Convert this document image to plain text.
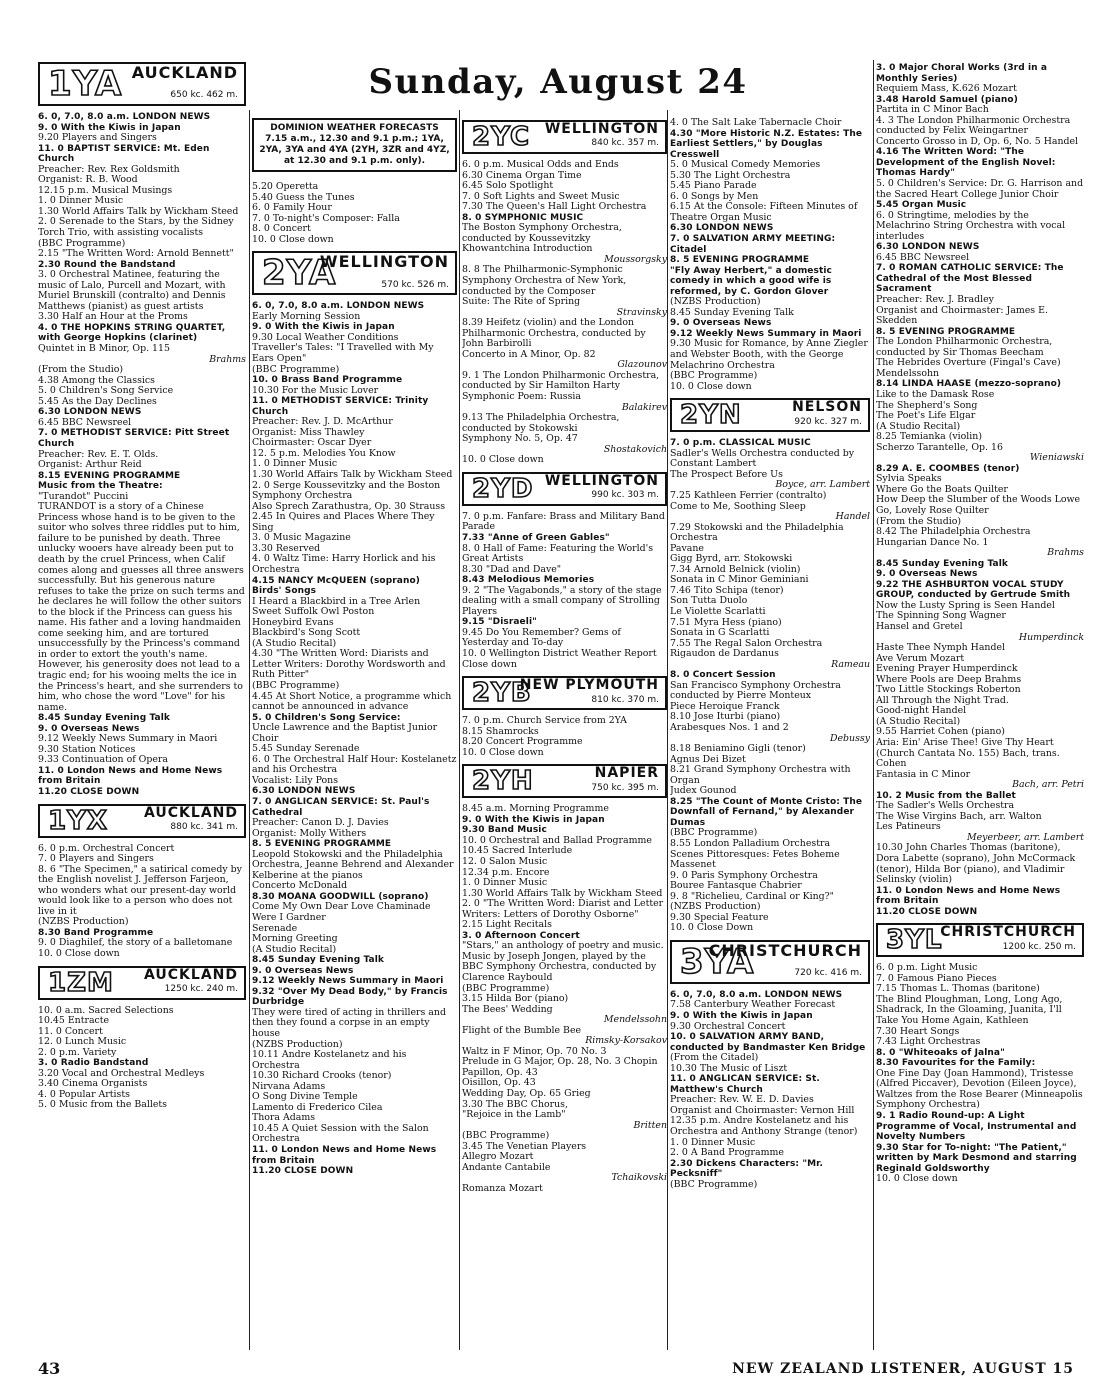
Sunday, August 24
1YA AUCKLAND
650 kc. 462 m.
6. 0, 7.0, 8.0 a.m. LONDON NEWS
9. 0 With the Kiwis in Japan
9.20 Players and Singers
11. 0 BAPTIST SERVICE: Mt. Eden Church
Preacher: Rev. Rex Goldsmith
Organist: R. B. Wood
12.15 p.m. Musical Musings
1. 0 Dinner Music
1.30 World Affairs Talk by Wickham Steed
2. 0 Serenade to the Stars, by the Sidney Torch Trio, with assisting vocalists
(BBC Programme)
2.15 "The Written Word: Arnold Bennett"
2.30 Round the Bandstand
3. 0 Orchestral Matinee, featuring the music of Lalo, Purcell and Mozart, with Muriel Brunskill (contralto) and Dennis Matthews (pianist) as guest artists
3.30 Half an Hour at the Proms
4. 0 THE HOPKINS STRING QUARTET, with George Hopkins (clarinet)
Quintet in B Minor, Op. 115
Brahms
(From the Studio)
4.38 Among the Classics
5. 0 Children's Song Service
5.45 As the Day Declines
6.30 LONDON NEWS
6.45 BBC Newsreel
7. 0 METHODIST SERVICE: Pitt Street Church
Preacher: Rev. E. T. Olds.
Organist: Arthur Reid
8.15 EVENING PROGRAMME
Music from the Theatre:
"Turandot" Puccini
TURANDOT is a story of a Chinese Princess whose hand is to be given to the suitor who solves three riddles put to him, failure to be punished by death. Three unlucky wooers have already been put to death by the cruel Princess, when Calif comes along and guesses all three answers successfully. But his generous nature refuses to take the prize on such terms and he declares he will follow the other suitors to the block if the Princess can guess his name. His father and a loving handmaiden come seeking him, and are tortured unsuccessfully by the Princess's command in order to extort the youth's name. However, his generosity does not lead to a tragic end; for his wooing melts the ice in the Princess's heart, and she surrenders to him, who chose the word "Love" for his name.
8.45 Sunday Evening Talk
9. 0 Overseas News
9.12 Weekly News Summary in Maori
9.30 Station Notices
9.33 Continuation of Opera
11. 0 London News and Home News from Britain
11.20 CLOSE DOWN
1YX	AUCKLAND
880 kc. 341 m.
6. 0 p.m. Orchestral Concert
7. 0 Players and Singers
8. 6 "The Specimen," a satirical comedy by the English novelist J. Jefferson Farjeon, who wonders what our present-day world would look like to a person who does not live in it
(NZBS Production)
8.30 Band Programme
9. 0 Diaghilef, the story of a balletomane
10. 0 Close down
1ZM AUCKLAND
1250 kc. 240 m.
10. 0 a.m. Sacred Selections
10.45 Entracte
11. 0 Concert
12. 0 Lunch Music
2. 0 p.m. Variety
3. 0 Radio Bandstand
3.20 Vocal and Orchestral Medleys
3.40 Cinema Organists
4. 0 Popular Artists
5. 0 Music from the Ballets
DOMINION WEATHER FORECASTS
7.15 a.m., 12.30 and 9.1 p.m.; 1YA, 2YA, 3YA and 4YA (2YH, 3ZR and 4YZ, at 12.30 and 9.1 p.m. only).
5.20 Operetta
5.40 Guess the Tunes
6. 0 Family Hour
7. 0 To-night's Composer: Falla
8. 0 Concert
10. 0 Close down
2YA
WELLINGTON
570 kc. 526 m.
6. 0, 7.0, 8.0 a.m. LONDON NEWS
Early Morning Session
9. 0 With the Kiwis in Japan
9.30 Local Weather Conditions
Traveller's Tales: "I Travelled with My Ears Open"
(BBC Programme)
10. 0 Brass Band Programme
10.30 For the Music Lover
11. 0 METHODIST SERVICE: Trinity Church
Preacher: Rev. J. D. McArthur
Organist: Miss Thawley
Choirmaster: Oscar Dyer
12. 5 p.m. Melodies You Know
1. 0 Dinner Music
1.30 World Affairs Talk by Wickham Steed
2. 0 Serge Koussevitzky and the Boston Symphony Orchestra
Also Sprech Zarathustra, Op. 30 Strauss
2.45 In Quires and Places Where They Sing
3. 0 Music Magazine
3.30 Reserved
4. 0 Waltz Time: Harry Horlick and his Orchestra
4.15 NANCY McQUEEN (soprano)
Birds' Songs
I Heard a Blackbird in a Tree Arlen
Sweet Suffolk Owl Poston
Honeybird Evans
Blackbird's Song Scott
(A Studio Recital)
4.30 "The Written Word: Diarists and Letter Writers: Dorothy Wordsworth and Ruth Pitter"
(BBC Programme)
4.45 At Short Notice, a programme which cannot be announced in advance
5. 0 Children's Song Service:
Uncle Lawrence and the Baptist Junior Choir
5.45 Sunday Serenade
6. 0 The Orchestral Half Hour: Kostelanetz and his Orchestra
Vocalist: Lily Pons
6.30 LONDON NEWS
7. 0 ANGLICAN SERVICE: St. Paul's Cathedral
Preacher: Canon D. J. Davies
Organist: Molly Withers
8. 5 EVENING PROGRAMME
Leopold Stokowski and the Philadelphia Orchestra, Jeanne Behrend and Alexander Kelberine at the pianos
Concerto McDonald
8.30 MOANA GOODWILL (soprano)
Come My Own Dear Love Chaminade
Were I Gardner
Serenade
Morning Greeting
(A Studio Recital)
8.45 Sunday Evening Talk
9. 0 Overseas News
9.12 Weekly News Summary in Maori
9.32 "Over My Dead Body," by Francis Durbridge
They were tired of acting in thrillers and then they found a corpse in an empty house
(NZBS Production)
10.11 Andre Kostelanetz and his Orchestra
10.30 Richard Crooks (tenor)
Nirvana Adams
O Song Divine Temple
Lamento di Frederico Cilea
Thora Adams
10.45 A Quiet Session with the Salon Orchestra
11. 0 London News and Home News from Britain
11.20 CLOSE DOWN
2YC WELLINGTON
840 kc. 357 m.
6. 0 p.m. Musical Odds and Ends
6.30 Cinema Organ Time
6.45 Solo Spotlight
7. 0 Soft Lights and Sweet Music
7.30 The Queen's Hall Light Orchestra
8. 0 SYMPHONIC MUSIC
The Boston Symphony Orchestra, conducted by Koussevitzky
Khowantchina Introduction
Moussorgsky
8. 8 The Philharmonic-Symphonic Symphony Orchestra of New York, conducted by the Composer
Suite: The Rite of Spring
Stravinsky
8.39 Heifetz (violin) and the London Philharmonic Orchestra, conducted by John Barbirolli
Concerto in A Minor, Op. 82
Glazounov
9. 1 The London Philharmonic Orchestra, conducted by Sir Hamilton Harty
Symphonic Poem: Russia
Balakirev
9.13 The Philadelphia Orchestra, conducted by Stokowski
Symphony No. 5, Op. 47
Shostakovich
10. 0 Close down
2YD WELLINGTON
990 kc. 303 m.
7. 0 p.m. Fanfare: Brass and Military Band Parade
7.33 "Anne of Green Gables"
8. 0 Hall of Fame: Featuring the World's Great Artists
8.30 "Dad and Dave"
8.43 Melodious Memories
9. 2 "The Vagabonds," a story of the stage dealing with a small company of Strolling Players
9.15 "Disraeli"
9.45 Do You Remember? Gems of Yesterday and To-day
10. 0 Wellington District Weather Report
Close down
2YB
NEW PLYMOUTH
810 kc. 370 m.
7. 0 p.m. Church Service from 2YA
8.15 Shamrocks
8.20 Concert Programme
10. 0 Close down
2YH	NAPIER
750 kc. 395 m.
8.45 a.m. Morning Programme
9. 0 With the Kiwis in Japan
9.30 Band Music
10. 0 Orchestral and Ballad Programme
10.45 Sacred Interlude
12. 0 Salon Music
12.34 p.m. Encore
1. 0 Dinner Music
1.30 World Affairs Talk by Wickham Steed
2. 0 "The Written Word: Diarist and Letter Writers: Letters of Dorothy Osborne"
2.15 Light Recitals
3. 0 Afternoon Concert
"Stars," an anthology of poetry and music. Music by Joseph Jongen, played by the BBC Symphony Orchestra, conducted by Clarence Raybould
(BBC Programme)
3.15 Hilda Bor (piano)
The Bees' Wedding
Mendelssohn
Flight of the Bumble Bee
Rimsky-Korsakov
Waltz in F Minor, Op. 70 No. 3
Prelude in G Major, Op. 28, No. 3 Chopin
Papillon, Op. 43
Oisillon, Op. 43
Wedding Day, Op. 65 Grieg
3.30 The BBC Chorus,
"Rejoice in the Lamb"
Britten
(BBC Programme)
3.45 The Venetian Players
Allegro Mozart
Andante Cantabile
Tchaikovski
Romanza Mozart
4. 0 The Salt Lake Tabernacle Choir
4.30 "More Historic N.Z. Estates: The Earliest Settlers," by Douglas Cresswell
5. 0 Musical Comedy Memories
5.30 The Light Orchestra
5.45 Piano Parade
6. 0 Songs by Men
6.15 At the Console: Fifteen Minutes of Theatre Organ Music
6.30 LONDON NEWS
7. 0 SALVATION ARMY MEETING: Citadel
8. 5 EVENING PROGRAMME
"Fly Away Herbert," a domestic comedy in which a good wife is reformed, by C. Gordon Glover
(NZBS Production)
8.45 Sunday Evening Talk
9. 0 Overseas News
9.12 Weekly News Summary in Maori
9.30 Music for Romance, by Anne Ziegler and Webster Booth, with the George Melachrino Orchestra
(BBC Programme)
10. 0 Close down
2YN	NELSON
920 kc. 327 m.
7. 0 p.m. CLASSICAL MUSIC
Sadler's Wells Orchestra conducted by Constant Lambert
The Prospect Before Us
Boyce, arr. Lambert
7.25 Kathleen Ferrier (contralto)
Come to Me, Soothing Sleep
Handel
7.29 Stokowski and the Philadelphia Orchestra
Pavane
Gigg Byrd, arr. Stokowski
7.34 Arnold Belnick (violin)
Sonata in C Minor Geminiani
7.46 Tito Schipa (tenor)
Son Tutta Duolo
Le Violette Scarlatti
7.51 Myra Hess (piano)
Sonata in G Scarlatti
7.55 The Regal Salon Orchestra
Rigaudon de Dardanus
Rameau
8. 0 Concert Session
San Francisco Symphony Orchestra conducted by Pierre Monteux
Piece Heroique Franck
8.10 Jose Iturbi (piano)
Arabesques Nos. 1 and 2
Debussy
8.18 Beniamino Gigli (tenor)
Agnus Dei Bizet
8.21 Grand Symphony Orchestra with Organ
Judex Gounod
8.25 "The Count of Monte Cristo: The Downfall of Fernand," by Alexander Dumas
(BBC Programme)
8.55 London Palladium Orchestra
Scenes Pittoresques: Fetes Boheme Massenet
9. 0 Paris Symphony Orchestra
Bouree Fantasque Chabrier
9. 8 "Richelieu, Cardinal or King?"
(NZBS Production)
9.30 Special Feature
10. 0 Close Down
3YA
CHRISTCHURCH
720 kc. 416 m.
6. 0, 7.0, 8.0 a.m. LONDON NEWS
7.58 Canterbury Weather Forecast
9. 0 With the Kiwis in Japan
9.30 Orchestral Concert
10. 0 SALVATION ARMY BAND, conducted by Bandmaster Ken Bridge
(From the Citadel)
10.30 The Music of Liszt
11. 0 ANGLICAN SERVICE: St. Matthew's Church
Preacher: Rev. W. E. D. Davies
Organist and Choirmaster: Vernon Hill
12.35 p.m. Andre Kostelanetz and his Orchestra and Anthony Strange (tenor)
1. 0 Dinner Music
2. 0 A Band Programme
2.30 Dickens Characters: "Mr. Pecksniff"
(BBC Programme)
3. 0 Major Choral Works (3rd in a Monthly Series)
Requiem Mass, K.626 Mozart
3.48 Harold Samuel (piano)
Partita in C Minor Bach
4. 3 The London Philharmonic Orchestra conducted by Felix Weingartner
Concerto Grosso in D, Op. 6, No. 5 Handel
4.16 The Written Word: "The Development of the English Novel: Thomas Hardy"
5. 0 Children's Service: Dr. G. Harrison and the Sacred Heart College Junior Choir
5.45 Organ Music
6. 0 Stringtime, melodies by the Melachrino String Orchestra with vocal interludes
6.30 LONDON NEWS
6.45 BBC Newsreel
7. 0 ROMAN CATHOLIC SERVICE: The Cathedral of the Most Blessed Sacrament
Preacher: Rev. J. Bradley
Organist and Choirmaster: James E. Skedden
8. 5 EVENING PROGRAMME
The London Philharmonic Orchestra, conducted by Sir Thomas Beecham
The Hebrides Overture (Fingal's Cave) Mendelssohn
8.14 LINDA HAASE (mezzo-soprano)
Like to the Damask Rose
The Shepherd's Song
The Poet's Life Elgar
(A Studio Recital)
8.25 Temianka (violin)
Scherzo Tarantelle, Op. 16
Wieniawski
8.29 A. E. COOMBES (tenor)
Sylvia Speaks
Where Go the Boats Quilter
How Deep the Slumber of the Woods Lowe
Go, Lovely Rose Quilter
(From the Studio)
8.42 The Philadelphia Orchestra
Hungarian Dance No. 1
Brahms
8.45 Sunday Evening Talk
9. 0 Overseas News
9.22 THE ASHBURTON VOCAL STUDY GROUP, conducted by Gertrude Smith
Now the Lusty Spring is Seen Handel
The Spinning Song Wagner
Hansel and Gretel
Humperdinck
Haste Thee Nymph Handel
Ave Verum Mozart
Evening Prayer Humperdinck
Where Pools are Deep Brahms
Two Little Stockings Roberton
All Through the Night Trad.
Good-night Handel
(A Studio Recital)
9.55 Harriet Cohen (piano)
Aria: Ein' Arise Thee! Give Thy Heart (Church Cantata No. 155) Bach, trans. Cohen
Fantasia in C Minor
Bach, arr. Petri
10. 2 Music from the Ballet
The Sadler's Wells Orchestra
The Wise Virgins Bach, arr. Walton
Les Patineurs
Meyerbeer, arr. Lambert
10.30 John Charles Thomas (baritone), Dora Labette (soprano), John McCormack (tenor), Hilda Bor (piano), and Vladimir Selinsky (violin)
11. 0 London News and Home News from Britain
11.20 CLOSE DOWN
3YL
CHRISTCHURCH
1200 kc. 250 m.
6. 0 p.m. Light Music
7. 0 Famous Piano Pieces
7.15 Thomas L. Thomas (baritone)
The Blind Ploughman, Long, Long Ago, Shadrack, In the Gloaming, Juanita, I'll Take You Home Again, Kathleen
7.30 Heart Songs
7.43 Light Orchestras
8. 0 "Whiteoaks of Jalna"
8.30 Favourites for the Family:
One Fine Day (Joan Hammond), Tristesse (Alfred Piccaver), Devotion (Eileen Joyce), Waltzes from the Rose Bearer (Minneapolis Symphony Orchestra)
9. 1 Radio Round-up: A Light Programme of Vocal, Instrumental and Novelty Numbers
9.30 Star for To-night: "The Patient," written by Mark Desmond and starring Reginald Goldsworthy
10. 0 Close down
43	NEW ZEALAND LISTENER, AUGUST 15
